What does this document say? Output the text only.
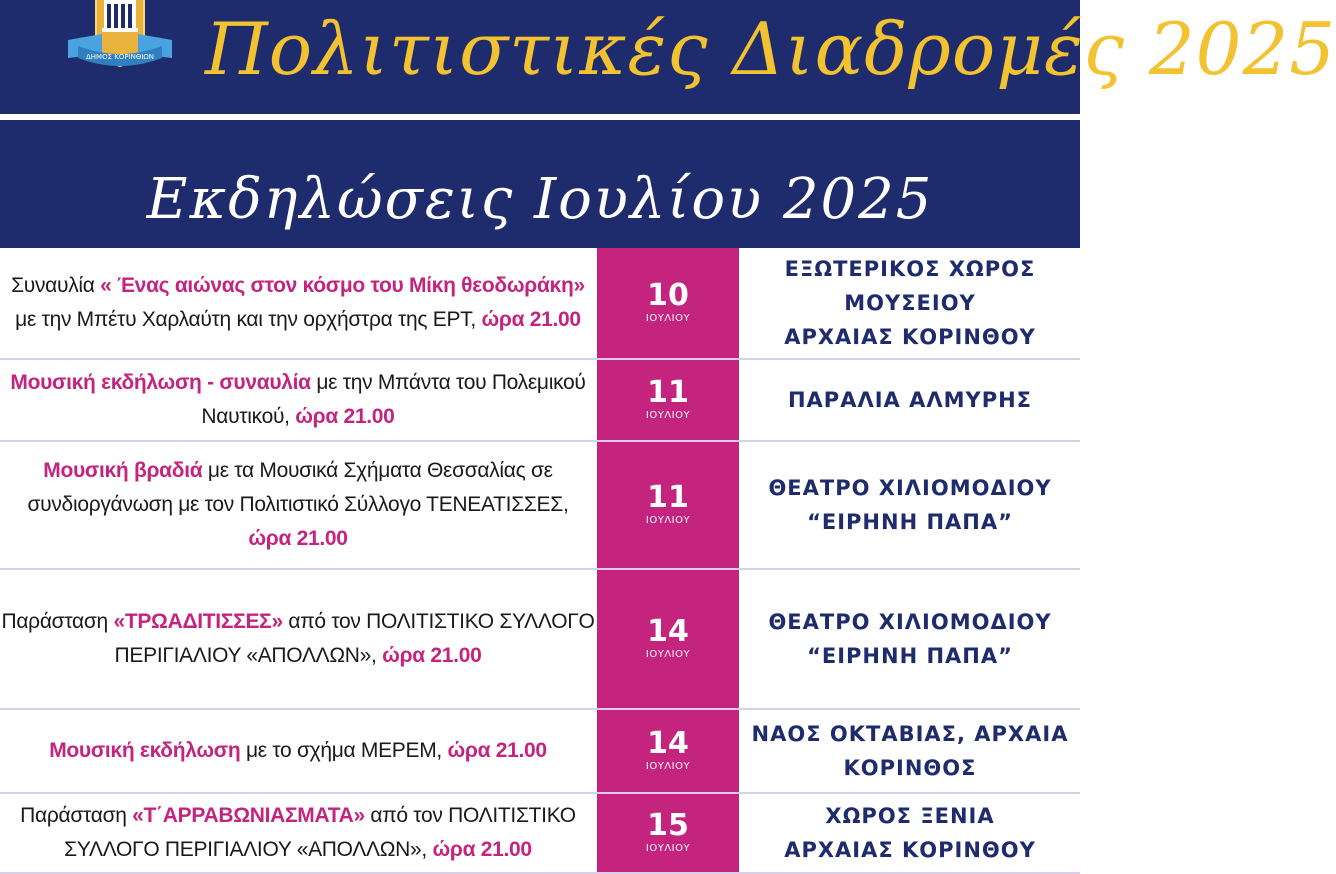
ΔΗΜΟΣ ΚΟΡΙΝΘΙΩΝ Πολιτιστικές Διαδρομές 2025
Εκδηλώσεις Ιουλίου 2025

Συναυλία « Ένας αιώνας στον κόσμο του Μίκη θεοδωράκη»
με την Μπέτυ Χαρλαύτη και την ορχήστρα της ΕΡΤ, ώρα 21.00

10
ΙΟΥΛΙΟΥ

ΕΞΩΤΕΡΙΚΟΣ ΧΩΡΟΣ ΜΟΥΣΕΙΟΥ
ΑΡΧΑΙΑΣ ΚΟΡΙΝΘΟΥ

Μουσική εκδήλωση - συναυλία με την Μπάντα του Πολεμικού
Ναυτικού, ώρα 21.00

11
ΙΟΥΛΙΟΥ

ΠΑΡΑΛΙΑ ΑΛΜΥΡΗΣ

Μουσική βραδιά με τα Μουσικά Σχήματα Θεσσαλίας σε
συνδιοργάνωση με τον Πολιτιστικό Σύλλογο ΤΕΝΕΑΤΙΣΣΕΣ,
ώρα 21.00

11
ΙΟΥΛΙΟΥ

ΘΕΑΤΡΟ ΧΙΛΙΟΜΟΔΙΟΥ
“ΕΙΡΗΝΗ ΠΑΠΑ”

Παράσταση «ΤΡΩΑΔΙΤΙΣΣΕΣ» από τον ΠΟΛΙΤΙΣΤΙΚΟ ΣΥΛΛΟΓΟ
ΠΕΡΙΓΙΑΛΙΟΥ «ΑΠΟΛΛΩΝ», ώρα 21.00

14
ΙΟΥΛΙΟΥ

ΘΕΑΤΡΟ ΧΙΛΙΟΜΟΔΙΟΥ
“ΕΙΡΗΝΗ ΠΑΠΑ”

Μουσική εκδήλωση με το σχήμα ΜΕΡΕΜ, ώρα 21.00	14
ΙΟΥΛΙΟΥ

ΝΑΟΣ ΟΚΤΑΒΙΑΣ, ΑΡΧΑΙΑ
ΚΟΡΙΝΘΟΣ

Παράσταση «Τ΄ΑΡΡΑΒΩΝΙΑΣΜΑΤΑ» από τον ΠΟΛΙΤΙΣΤΙΚΟ
ΣΥΛΛΟΓΟ ΠΕΡΙΓΙΑΛΙΟΥ «ΑΠΟΛΛΩΝ», ώρα 21.00

15
ΙΟΥΛΙΟΥ

ΧΩΡΟΣ ΞΕΝΙΑ
ΑΡΧΑΙΑΣ ΚΟΡΙΝΘΟΥ
